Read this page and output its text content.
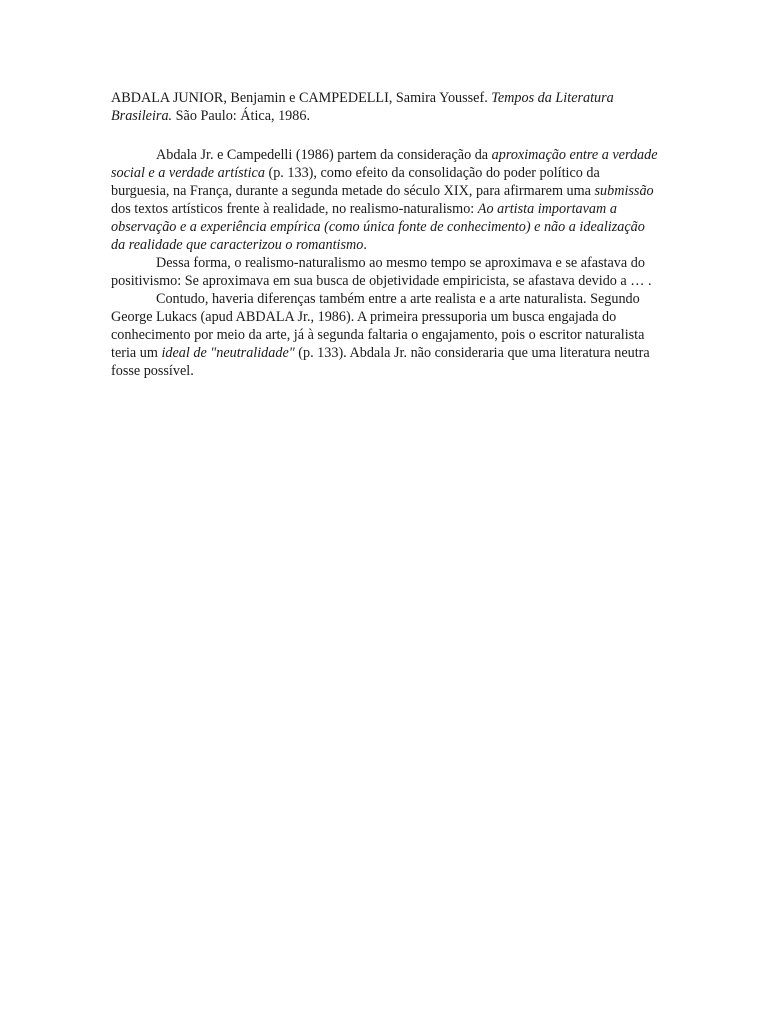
ABDALA JUNIOR, Benjamin e CAMPEDELLI, Samira Youssef. Tempos da Literatura Brasileira. São Paulo: Ática, 1986.

Abdala Jr. e Campedelli (1986) partem da consideração da aproximação entre a verdade social e a verdade artística (p. 133), como efeito da consolidação do poder político da burguesia, na França, durante a segunda metade do século XIX, para afirmarem uma submissão dos textos artísticos frente à realidade, no realismo-naturalismo: Ao artista importavam a observação e a experiência empírica (como única fonte de conhecimento) e não a idealização da realidade que caracterizou o romantismo.

Dessa forma, o realismo-naturalismo ao mesmo tempo se aproximava e se afastava do positivismo: Se aproximava em sua busca de objetividade empiricista, se afastava devido a … .

Contudo, haveria diferenças também entre a arte realista e a arte naturalista. Segundo George Lukacs (apud ABDALA Jr., 1986). A primeira pressuporia um busca engajada do conhecimento por meio da arte, já à segunda faltaria o engajamento, pois o escritor naturalista teria um ideal de "neutralidade" (p. 133). Abdala Jr. não consideraria que uma literatura neutra fosse possível.
